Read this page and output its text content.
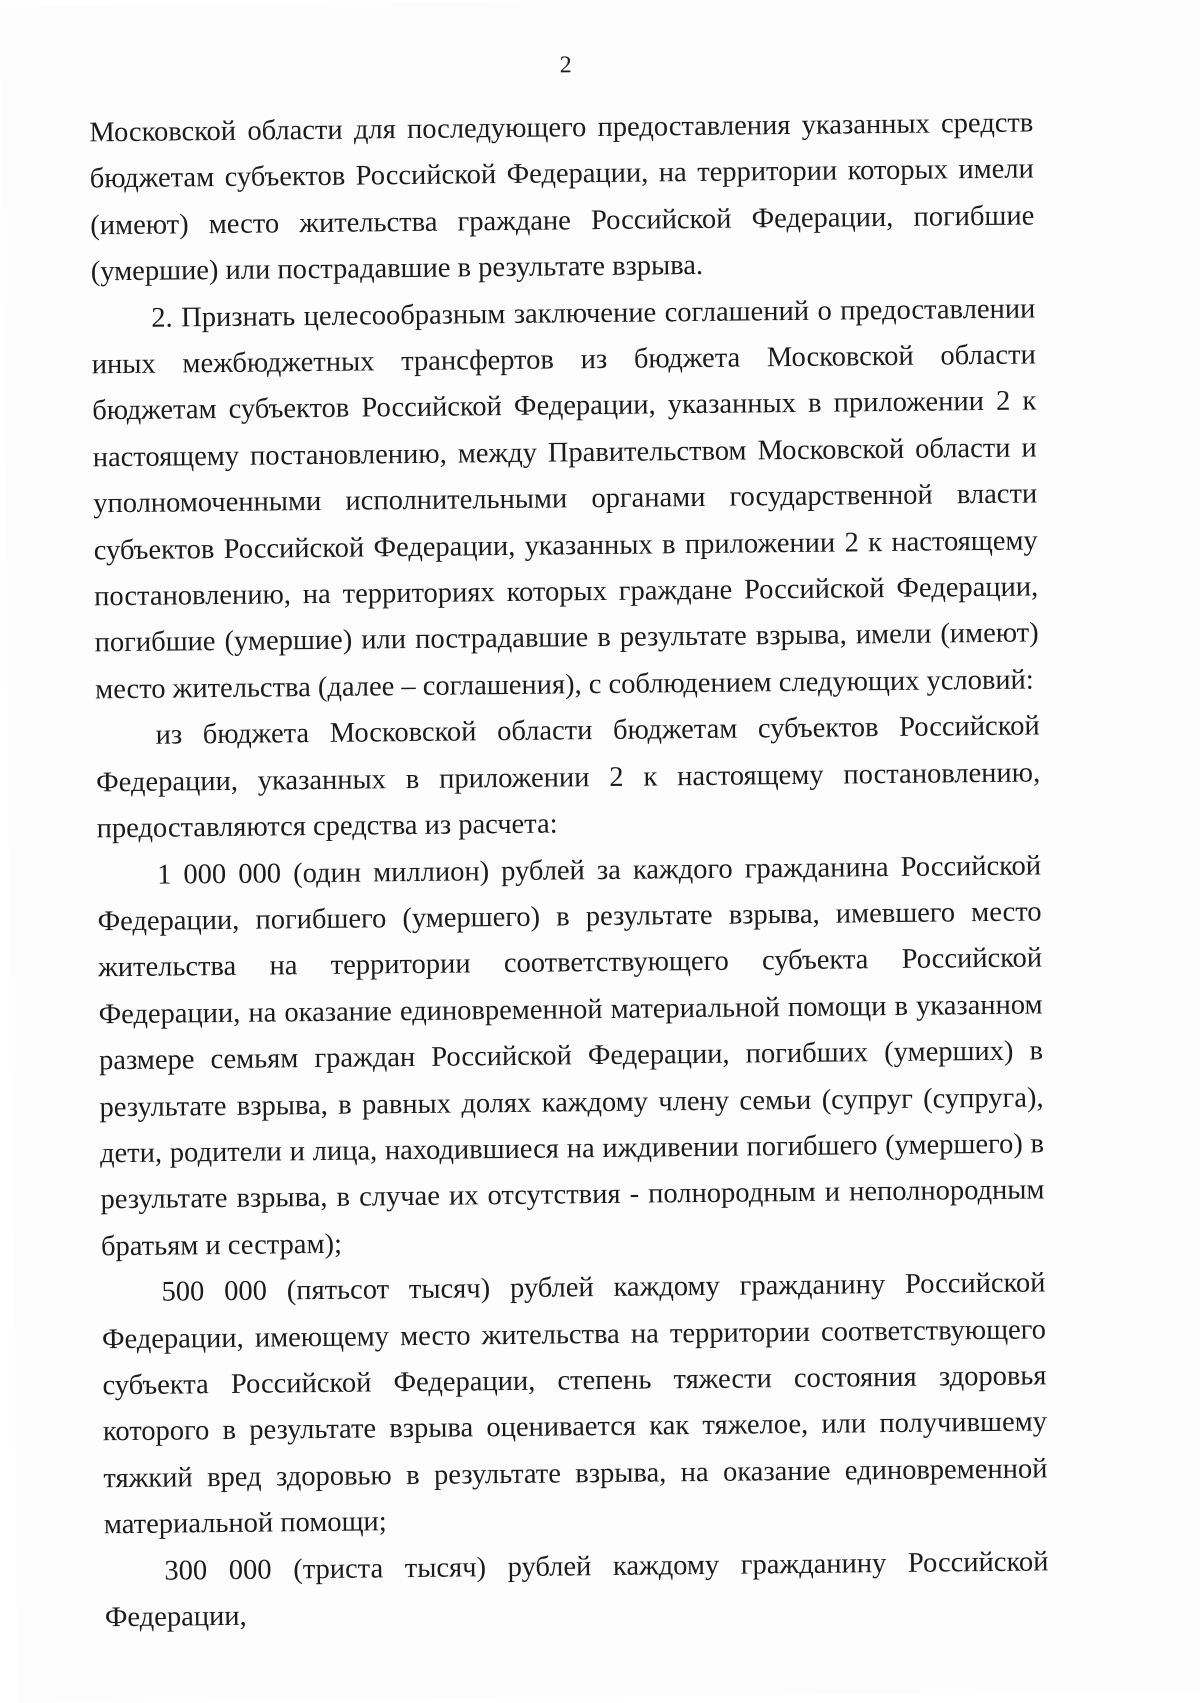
2

Московской области для последующего предоставления указанных средств бюджетам субъектов Российской Федерации, на территории которых имели (имеют) место жительства граждане Российской Федерации, погибшие (умершие) или пострадавшие в результате взрыва.

2. Признать целесообразным заключение соглашений о предоставлении иных межбюджетных трансфертов из бюджета Московской области бюджетам субъектов Российской Федерации, указанных в приложении 2 к настоящему постановлению, между Правительством Московской области и уполномоченными исполнительными органами государственной власти субъектов Российской Федерации, указанных в приложении 2 к настоящему постановлению, на территориях которых граждане Российской Федерации, погибшие (умершие) или пострадавшие в результате взрыва, имели (имеют) место жительства (далее – соглашения), с соблюдением следующих условий:

из бюджета Московской области бюджетам субъектов Российской Федерации, указанных в приложении 2 к настоящему постановлению, предоставляются средства из расчета:

1 000 000 (один миллион) рублей за каждого гражданина Российской Федерации, погибшего (умершего) в результате взрыва, имевшего место жительства на территории соответствующего субъекта Российской Федерации, на оказание единовременной материальной помощи в указанном размере семьям граждан Российской Федерации, погибших (умерших) в результате взрыва, в равных долях каждому члену семьи (супруг (супруга), дети, родители и лица, находившиеся на иждивении погибшего (умершего) в результате взрыва, в случае их отсутствия - полнородным и неполнородным братьям и сестрам);

500 000 (пятьсот тысяч) рублей каждому гражданину Российской Федерации, имеющему место жительства на территории соответствующего субъекта Российской Федерации, степень тяжести состояния здоровья которого в результате взрыва оценивается как тяжелое, или получившему тяжкий вред здоровью в результате взрыва, на оказание единовременной материальной помощи;

300 000 (триста тысяч) рублей каждому гражданину Российской Федерации,
